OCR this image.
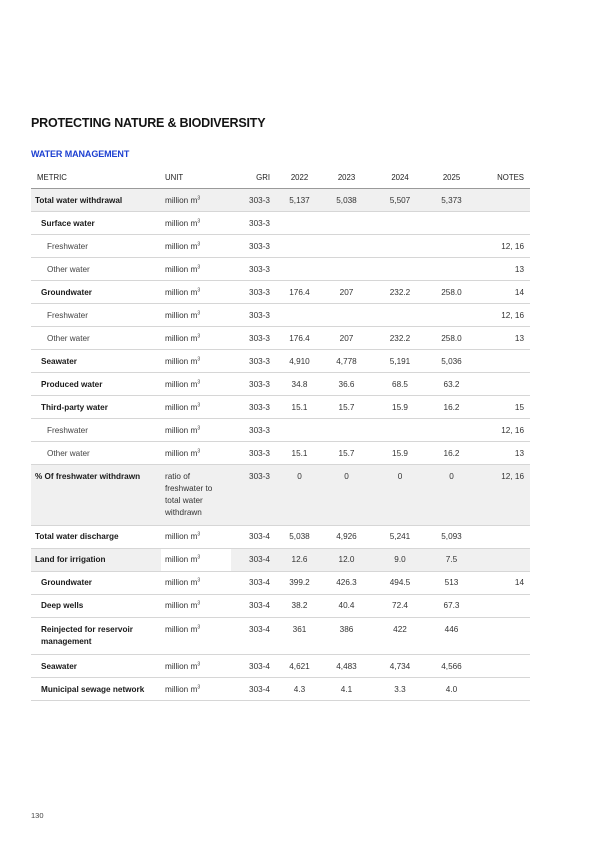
PROTECTING NATURE & BIODIVERSITY
WATER MANAGEMENT
METRIC	UNIT	GRI	2022	2023	2024	2025	NOTES
Total water withdrawal	million $m^3$	303-3	5,137	5,038	5,507	5,373	
Surface water	million $m^3$	303-3					
Freshwater	million $m^3$	303-3					12, 16
Other water	million $m^3$	303-3					13
Groundwater	million $m^3$	303-3	176.4	207	232.2	258.0	14
Freshwater	million $m^3$	303-3					12, 16
Other water	million $m^3$	303-3	176.4	207	232.2	258.0	13
Seawater	million $m^3$	303-3	4,910	4,778	5,191	5,036	
Produced water	million $m^3$	303-3	34.8	36.6	68.5	63.2	
Third-party water	million $m^3$	303-3	15.1	15.7	15.9	16.2	15
Freshwater	million $m^3$	303-3					12, 16
Other water	million $m^3$	303-3	15.1	15.7	15.9	16.2	13
% Of freshwater withdrawn	ratio of freshwater to total water withdrawn	303-3	0	0	0	0	12, 16
Total water discharge	million $m^3$	303-4	5,038	4,926	5,241	5,093	
Land for irrigation	million $m^3$	303-4	12.6	12.0	9.0	7.5	
Groundwater	million $m^3$	303-4	399.2	426.3	494.5	513	14
Deep wells	million $m^3$	303-4	38.2	40.4	72.4	67.3	
Reinjected for reservoir management	million $m^3$	303-4	361	386	422	446	
Seawater	million $m^3$	303-4	4,621	4,483	4,734	4,566	
Municipal sewage network	million $m^3$	303-4	4.3	4.1	3.3	4.0	
130
